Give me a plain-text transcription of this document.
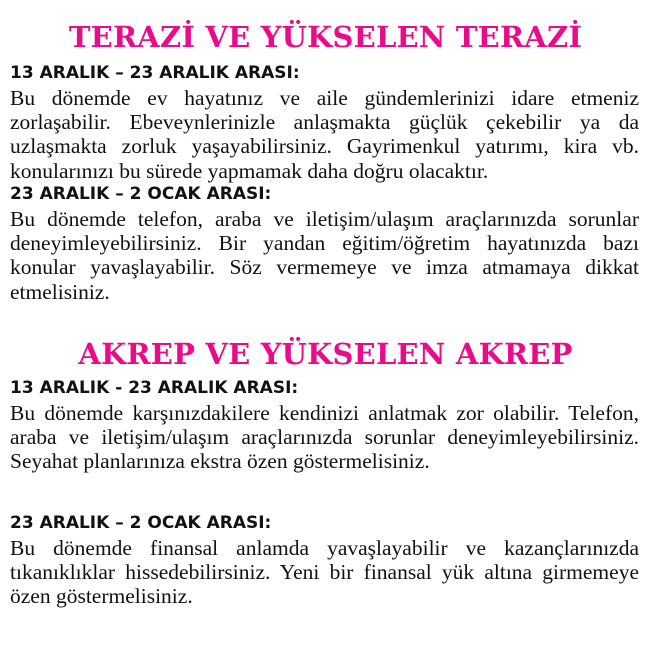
TERAZİ VE YÜKSELEN TERAZİ
13 ARALIK – 23 ARALIK ARASI:
Bu dönemde ev hayatınız ve aile gündemlerinizi idare etmeniz zorlaşabilir. Ebeveynlerinizle anlaşmakta güçlük çekebilir ya da uzlaşmakta zorluk yaşayabilirsiniz. Gayrimenkul yatırımı, kira vb. konularınızı bu sürede yapmamak daha doğru olacaktır.
23 ARALIK – 2 OCAK ARASI:
Bu dönemde telefon, araba ve iletişim/ulaşım araçlarınızda sorunlar deneyimleyebilirsiniz. Bir yandan eğitim/öğretim hayatınızda bazı konular yavaşlayabilir. Söz vermemeye ve imza atmamaya dikkat etmelisiniz.
AKREP VE YÜKSELEN AKREP
13 ARALIK - 23 ARALIK ARASI:
Bu dönemde karşınızdakilere kendinizi anlatmak zor olabilir. Telefon, araba ve iletişim/ulaşım araçlarınızda sorunlar deneyimleyebilirsiniz. Seyahat planlarınıza ekstra özen göstermelisiniz.
23 ARALIK – 2 OCAK ARASI:
Bu dönemde finansal anlamda yavaşlayabilir ve kazançlarınızda tıkanıklıklar hissedebilirsiniz. Yeni bir finansal yük altına girmemeye özen göstermelisiniz.
